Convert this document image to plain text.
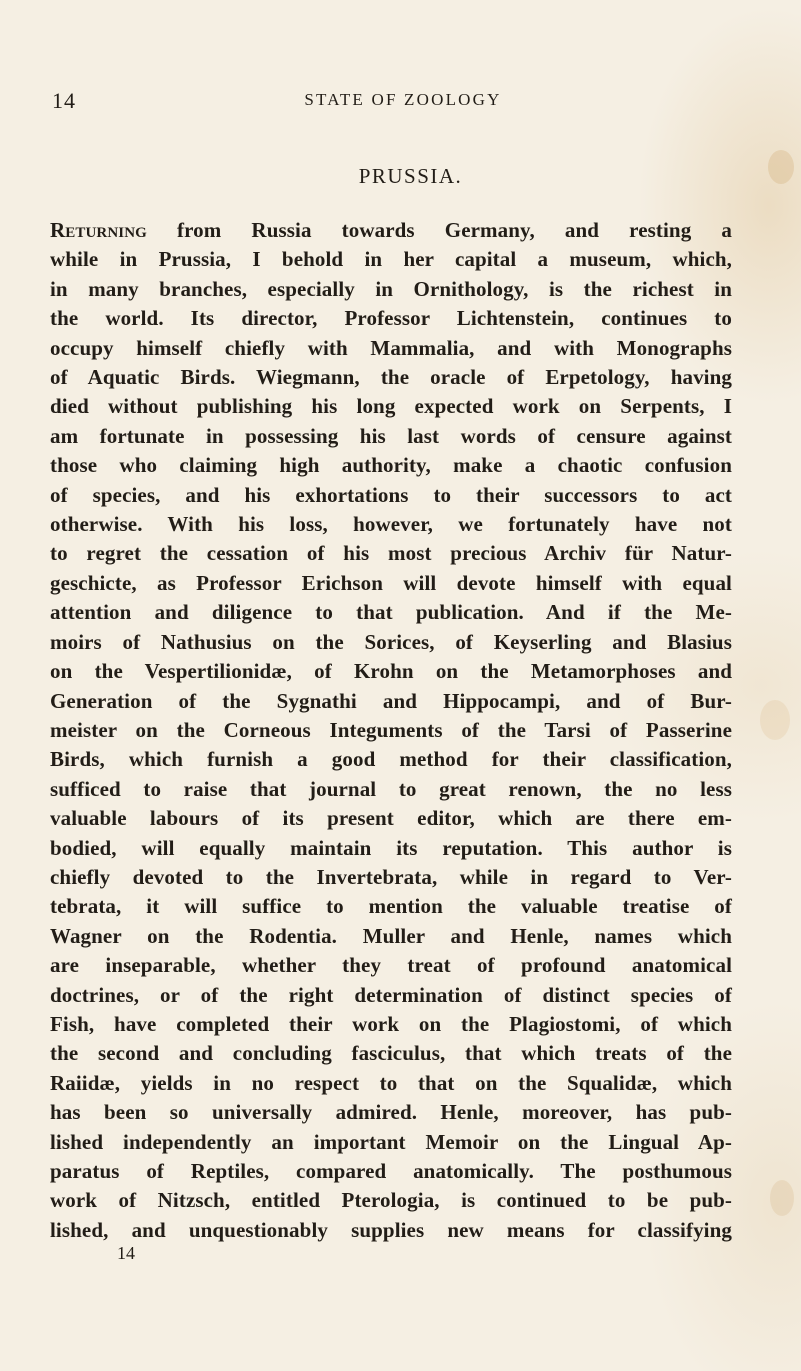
14	STATE OF ZOOLOGY
PRUSSIA.
Returning from Russia towards Germany, and resting a
while in Prussia, I behold in her capital a museum, which,
in many branches, especially in Ornithology, is the richest in
the world. Its director, Professor Lichtenstein, continues to
occupy himself chiefly with Mammalia, and with Monographs
of Aquatic Birds. Wiegmann, the oracle of Erpetology, having
died without publishing his long expected work on Serpents, I
am fortunate in possessing his last words of censure against
those who claiming high authority, make a chaotic confusion
of species, and his exhortations to their successors to act
otherwise. With his loss, however, we fortunately have not
to regret the cessation of his most precious Archiv für Natur-
geschicte, as Professor Erichson will devote himself with equal
attention and diligence to that publication. And if the Me-
moirs of Nathusius on the Sorices, of Keyserling and Blasius
on the Vespertilionidæ, of Krohn on the Metamorphoses and
Generation of the Sygnathi and Hippocampi, and of Bur-
meister on the Corneous Integuments of the Tarsi of Passerine
Birds, which furnish a good method for their classification,
sufficed to raise that journal to great renown, the no less
valuable labours of its present editor, which are there em-
bodied, will equally maintain its reputation. This author is
chiefly devoted to the Invertebrata, while in regard to Ver-
tebrata, it will suffice to mention the valuable treatise of
Wagner on the Rodentia. Muller and Henle, names which
are inseparable, whether they treat of profound anatomical
doctrines, or of the right determination of distinct species of
Fish, have completed their work on the Plagiostomi, of which
the second and concluding fasciculus, that which treats of the
Raiidæ, yields in no respect to that on the Squalidæ, which
has been so universally admired. Henle, moreover, has pub-
lished independently an important Memoir on the Lingual Ap-
paratus of Reptiles, compared anatomically. The posthumous
work of Nitzsch, entitled Pterologia, is continued to be pub-
lished, and unquestionably supplies new means for classifying
14
